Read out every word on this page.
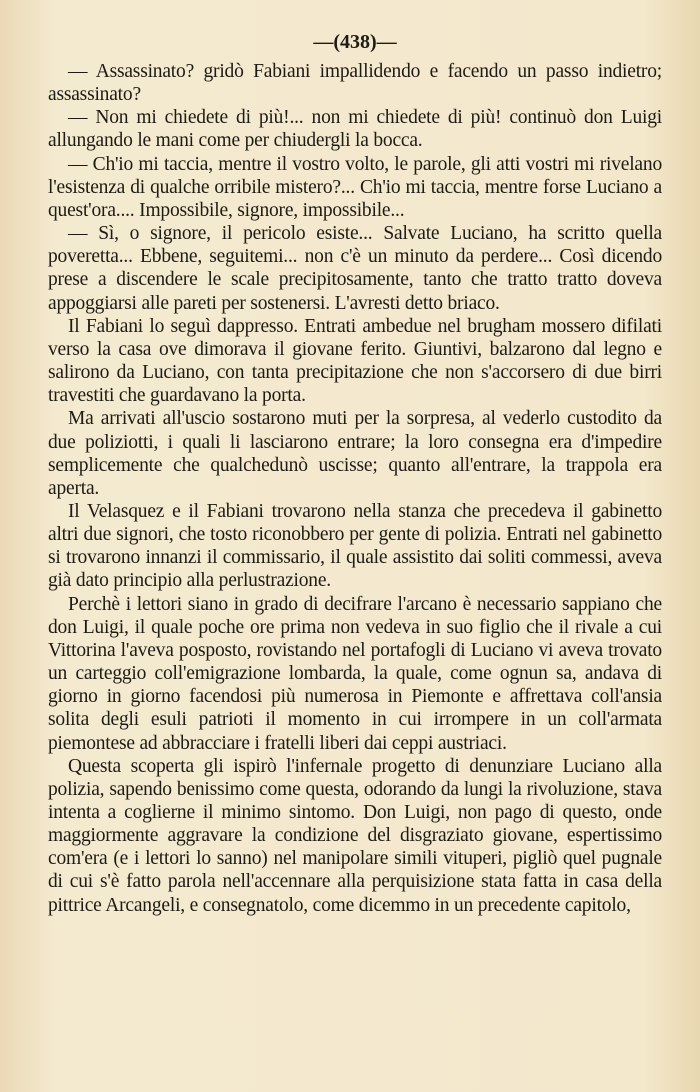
—(438)—

— Assassinato? gridò Fabiani impallidendo e facendo un passo indietro; assassinato?

— Non mi chiedete di più!... non mi chiedete di più! continuò don Luigi allungando le mani come per chiudergli la bocca.

— Ch'io mi taccia, mentre il vostro volto, le parole, gli atti vostri mi rivelano l'esistenza di qualche orribile mistero?... Ch'io mi taccia, mentre forse Luciano a quest'ora.... Impossibile, signore, impossibile...

— Sì, o signore, il pericolo esiste... Salvate Luciano, ha scritto quella poveretta... Ebbene, seguitemi... non c'è un minuto da perdere... Così dicendo prese a discendere le scale precipitosamente, tanto che tratto tratto doveva appoggiarsi alle pareti per sostenersi. L'avresti detto briaco.

Il Fabiani lo seguì dappresso. Entrati ambedue nel brugham mossero difilati verso la casa ove dimorava il giovane ferito. Giuntivi, balzarono dal legno e salirono da Luciano, con tanta precipitazione che non s'accorsero di due birri travestiti che guardavano la porta.

Ma arrivati all'uscio sostarono muti per la sorpresa, al vederlo custodito da due poliziotti, i quali li lasciarono entrare; la loro consegna era d'impedire semplicemente che qualchedunò uscisse; quanto all'entrare, la trappola era aperta.

Il Velasquez e il Fabiani trovarono nella stanza che precedeva il gabinetto altri due signori, che tosto riconobbero per gente di polizia. Entrati nel gabinetto si trovarono innanzi il commissario, il quale assistito dai soliti commessi, aveva già dato principio alla perlustrazione.

Perchè i lettori siano in grado di decifrare l'arcano è necessario sappiano che don Luigi, il quale poche ore prima non vedeva in suo figlio che il rivale a cui Vittorina l'aveva posposto, rovistando nel portafogli di Luciano vi aveva trovato un carteggio coll'emigrazione lombarda, la quale, come ognun sa, andava di giorno in giorno facendosi più numerosa in Piemonte e affrettava coll'ansia solita degli esuli patrioti il momento in cui irrompere in un coll'armata piemontese ad abbracciare i fratelli liberi dai ceppi austriaci.

Questa scoperta gli ispirò l'infernale progetto di denunziare Luciano alla polizia, sapendo benissimo come questa, odorando da lungi la rivoluzione, stava intenta a coglierne il minimo sintomo. Don Luigi, non pago di questo, onde maggiormente aggravare la condizione del disgraziato giovane, espertissimo com'era (e i lettori lo sanno) nel manipolare simili vituperi, pigliò quel pugnale di cui s'è fatto parola nell'accennare alla perquisizione stata fatta in casa della pittrice Arcangeli, e consegnatolo, come dicemmo in un precedente capitolo,
